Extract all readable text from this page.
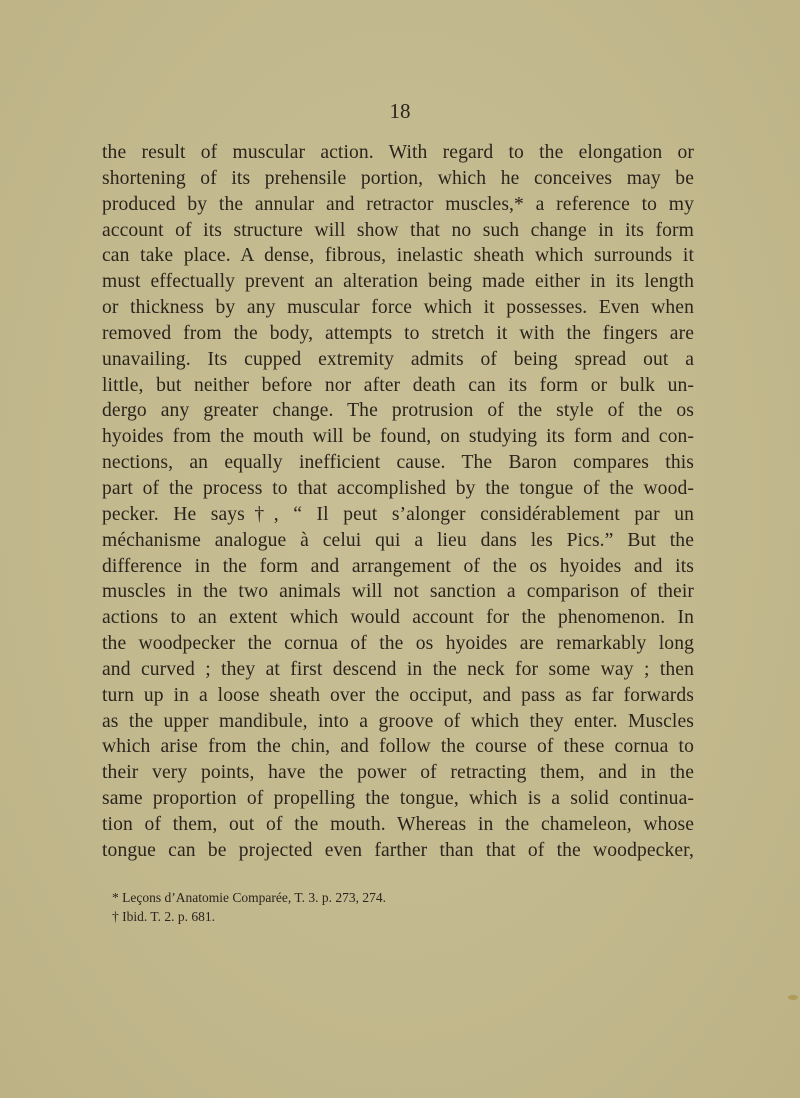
18
the result of muscular action. With regard to the elongation or
shortening of its prehensile portion, which he conceives may be
produced by the annular and retractor muscles,* a reference to my
account of its structure will show that no such change in its form
can take place. A dense, fibrous, inelastic sheath which surrounds it
must effectually prevent an alteration being made either in its length
or thickness by any muscular force which it possesses. Even when
removed from the body, attempts to stretch it with the fingers are
unavailing. Its cupped extremity admits of being spread out a
little, but neither before nor after death can its form or bulk un-
dergo any greater change. The protrusion of the style of the os
hyoides from the mouth will be found, on studying its form and con-
nections, an equally inefficient cause. The Baron compares this
part of the process to that accomplished by the tongue of the wood-
pecker. He says†, “ Il peut s’alonger considérablement par un
méchanisme analogue à celui qui a lieu dans les Pics.” But the
difference in the form and arrangement of the os hyoides and its
muscles in the two animals will not sanction a comparison of their
actions to an extent which would account for the phenomenon. In
the woodpecker the cornua of the os hyoides are remarkably long
and curved ; they at first descend in the neck for some way ; then
turn up in a loose sheath over the occiput, and pass as far forwards
as the upper mandibule, into a groove of which they enter. Muscles
which arise from the chin, and follow the course of these cornua to
their very points, have the power of retracting them, and in the
same proportion of propelling the tongue, which is a solid continua-
tion of them, out of the mouth. Whereas in the chameleon, whose
tongue can be projected even farther than that of the woodpecker,
* Leçons d’Anatomie Comparée, T. 3. p. 273, 274.
† Ibid. T. 2. p. 681.
